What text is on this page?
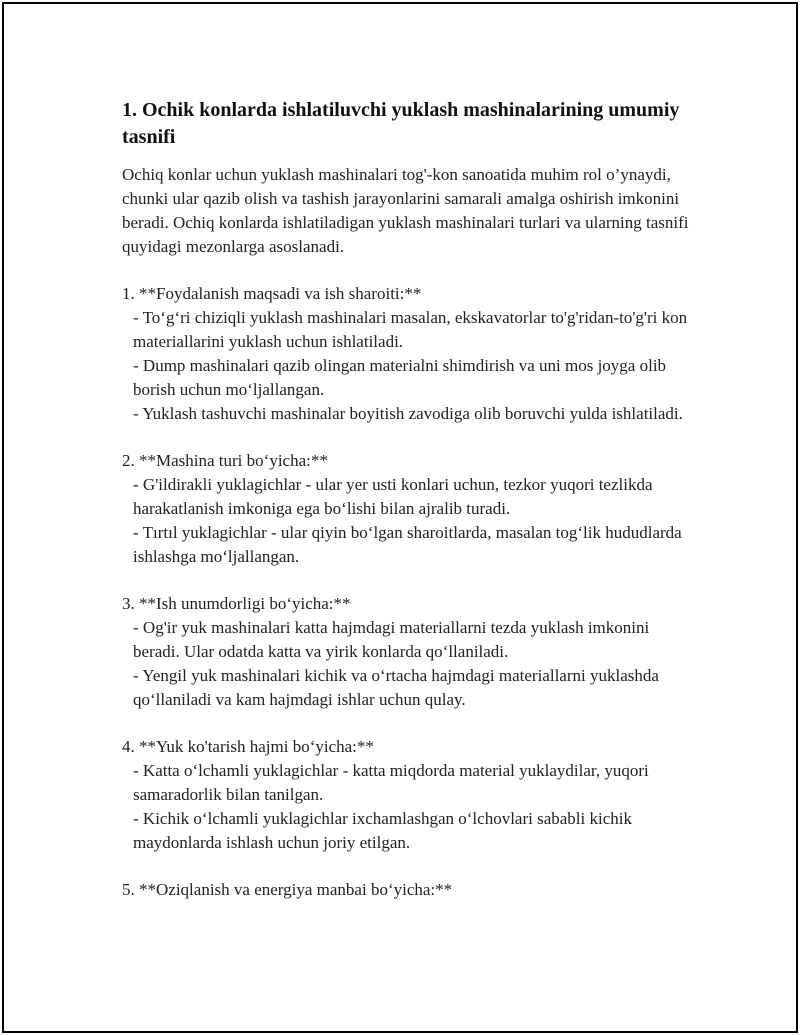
1. Ochik konlarda ishlatiluvchi yuklash mashinalarining umumiy tasnifi

Ochiq konlar uchun yuklash mashinalari tog'-kon sanoatida muhim rol o’ynaydi, chunki ular qazib olish va tashish jarayonlarini samarali amalga oshirish imkonini beradi. Ochiq konlarda ishlatiladigan yuklash mashinalari turlari va ularning tasnifi quyidagi mezonlarga asoslanadi.

1. **Foydalanish maqsadi va ish sharoiti:**
- To‘g‘ri chiziqli yuklash mashinalari masalan, ekskavatorlar to'g'ridan-to'g'ri kon materiallarini yuklash uchun ishlatiladi.
- Dump mashinalari qazib olingan materialni shimdirish va uni mos joyga olib borish uchun mo‘ljallangan.
- Yuklash tashuvchi mashinalar boyitish zavodiga olib boruvchi yulda ishlatiladi.
2. **Mashina turi bo‘yicha:**
- G'ildirakli yuklagichlar - ular yer usti konlari uchun, tezkor yuqori tezlikda harakatlanish imkoniga ega bo‘lishi bilan ajralib turadi.
- Tırtıl yuklagichlar - ular qiyin bo‘lgan sharoitlarda, masalan tog‘lik hududlarda ishlashga mo‘ljallangan.
3. **Ish unumdorligi bo‘yicha:**
- Og'ir yuk mashinalari katta hajmdagi materiallarni tezda yuklash imkonini beradi. Ular odatda katta va yirik konlarda qo‘llaniladi.
- Yengil yuk mashinalari kichik va o‘rtacha hajmdagi materiallarni yuklashda qo‘llaniladi va kam hajmdagi ishlar uchun qulay.
4. **Yuk ko'tarish hajmi bo‘yicha:**
- Katta o‘lchamli yuklagichlar - katta miqdorda material yuklaydilar, yuqori samaradorlik bilan tanilgan.
- Kichik o‘lchamli yuklagichlar ixchamlashgan o‘lchovlari sababli kichik maydonlarda ishlash uchun joriy etilgan.
5. **Oziqlanish va energiya manbai bo‘yicha:**
